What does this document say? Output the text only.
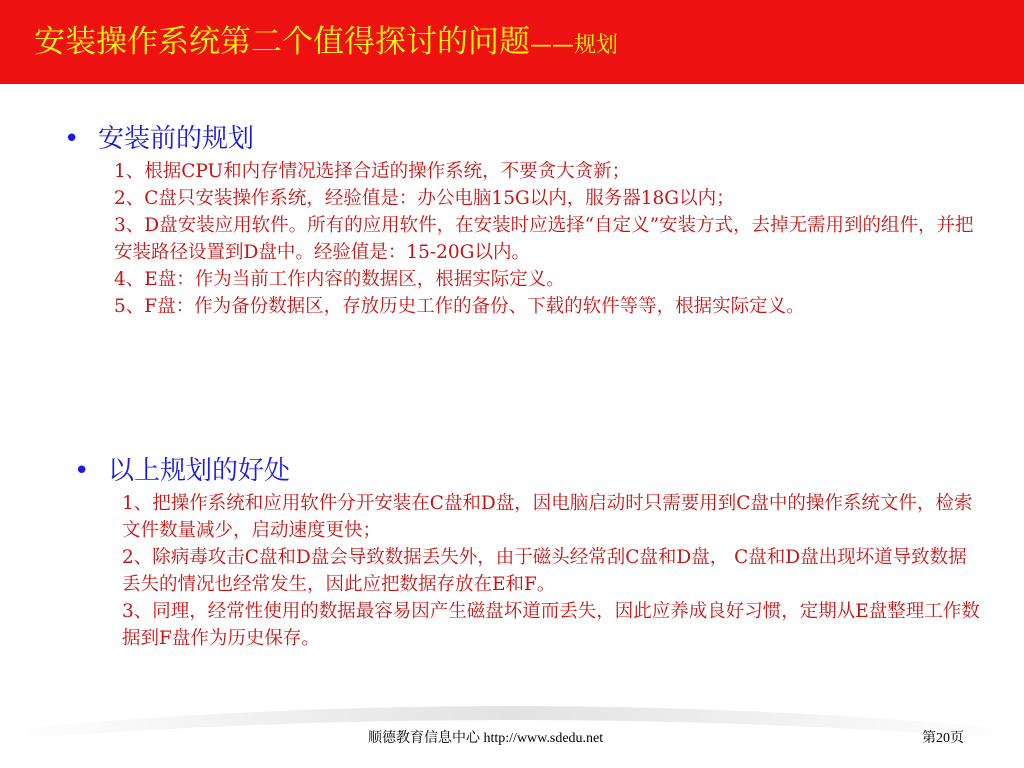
安装操作系统第二个值得探讨的问题——规划
• 安装前的规划
1、根据CPU和内存情况选择合适的操作系统，不要贪大贪新；
2、C盘只安装操作系统，经验值是：办公电脑15G以内，服务器18G以内；
3、D盘安装应用软件。所有的应用软件，在安装时应选择“自定义”安装方式，去掉无需用到的组件，并把安装路径设置到D盘中。经验值是：15-20G以内。
4、E盘：作为当前工作内容的数据区，根据实际定义。
5、F盘：作为备份数据区，存放历史工作的备份、下载的软件等等，根据实际定义。
• 以上规划的好处
1、把操作系统和应用软件分开安装在C盘和D盘，因电脑启动时只需要用到C盘中的操作系统文件，检索文件数量减少，启动速度更快；
2、除病毒攻击C盘和D盘会导致数据丢失外，由于磁头经常刮C盘和D盘， C盘和D盘出现坏道导致数据丢失的情况也经常发生，因此应把数据存放在E和F。
3、同理，经常性使用的数据最容易因产生磁盘坏道而丢失，因此应养成良好习惯，定期从E盘整理工作数据到F盘作为历史保存。
顺德教育信息中心 http://www.sdedu.net	第20页
